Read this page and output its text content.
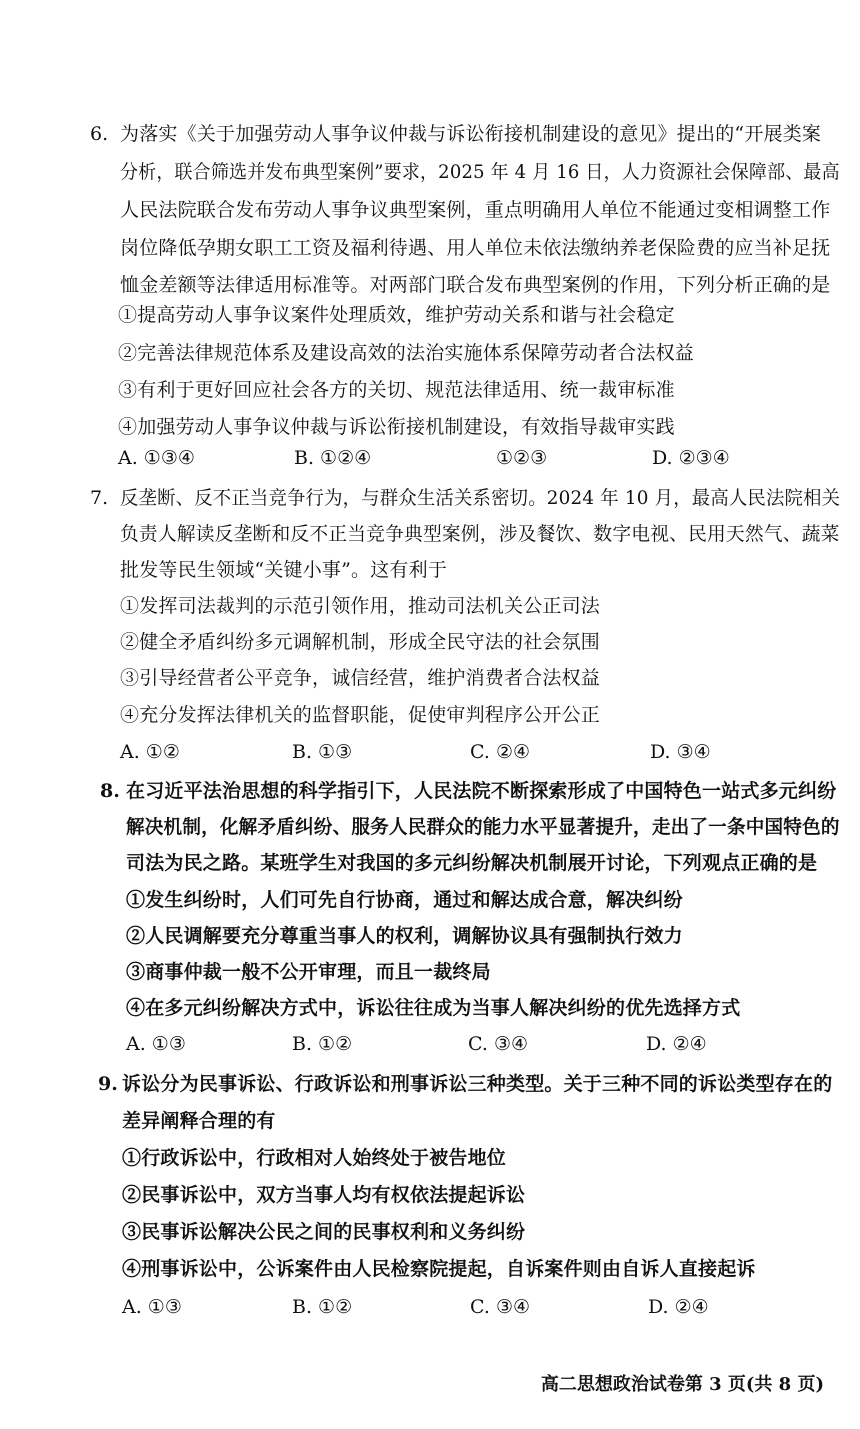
6. 为落实《关于加强劳动人事争议仲裁与诉讼衔接机制建设的意见》提出的“开展类案
分析，联合筛选并发布典型案例”要求，2025 年 4 月 16 日，人力资源社会保障部、最高
人民法院联合发布劳动人事争议典型案例，重点明确用人单位不能通过变相调整工作
岗位降低孕期女职工工资及福利待遇、用人单位未依法缴纳养老保险费的应当补足抚
恤金差额等法律适用标准等。对两部门联合发布典型案例的作用，下列分析正确的是
①提高劳动人事争议案件处理质效，维护劳动关系和谐与社会稳定
②完善法律规范体系及建设高效的法治实施体系保障劳动者合法权益
③有利于更好回应社会各方的关切、规范法律适用、统一裁审标准
④加强劳动人事争议仲裁与诉讼衔接机制建设，有效指导裁审实践
A. ①③④	B. ①②④	①②③	D. ②③④
7. 反垄断、反不正当竞争行为，与群众生活关系密切。2024 年 10 月，最高人民法院相关
负责人解读反垄断和反不正当竞争典型案例，涉及餐饮、数字电视、民用天然气、蔬菜
批发等民生领域“关键小事”。这有利于
①发挥司法裁判的示范引领作用，推动司法机关公正司法
②健全矛盾纠纷多元调解机制，形成全民守法的社会氛围
③引导经营者公平竞争，诚信经营，维护消费者合法权益
④充分发挥法律机关的监督职能，促使审判程序公开公正
A. ①②	B. ①③	C. ②④	D. ③④
8. 在习近平法治思想的科学指引下，人民法院不断探索形成了中国特色一站式多元纠纷
解决机制，化解矛盾纠纷、服务人民群众的能力水平显著提升，走出了一条中国特色的
司法为民之路。某班学生对我国的多元纠纷解决机制展开讨论，下列观点正确的是
①发生纠纷时，人们可先自行协商，通过和解达成合意，解决纠纷
②人民调解要充分尊重当事人的权利，调解协议具有强制执行效力
③商事仲裁一般不公开审理，而且一裁终局
④在多元纠纷解决方式中，诉讼往往成为当事人解决纠纷的优先选择方式
A. ①③	B. ①②	C. ③④	D. ②④
9. 诉讼分为民事诉讼、行政诉讼和刑事诉讼三种类型。关于三种不同的诉讼类型存在的
差异阐释合理的有
①行政诉讼中，行政相对人始终处于被告地位
②民事诉讼中，双方当事人均有权依法提起诉讼
③民事诉讼解决公民之间的民事权利和义务纠纷
④刑事诉讼中，公诉案件由人民检察院提起，自诉案件则由自诉人直接起诉
A. ①③	B. ①②	C. ③④	D. ②④
高二思想政治试卷第 3 页(共 8 页)
